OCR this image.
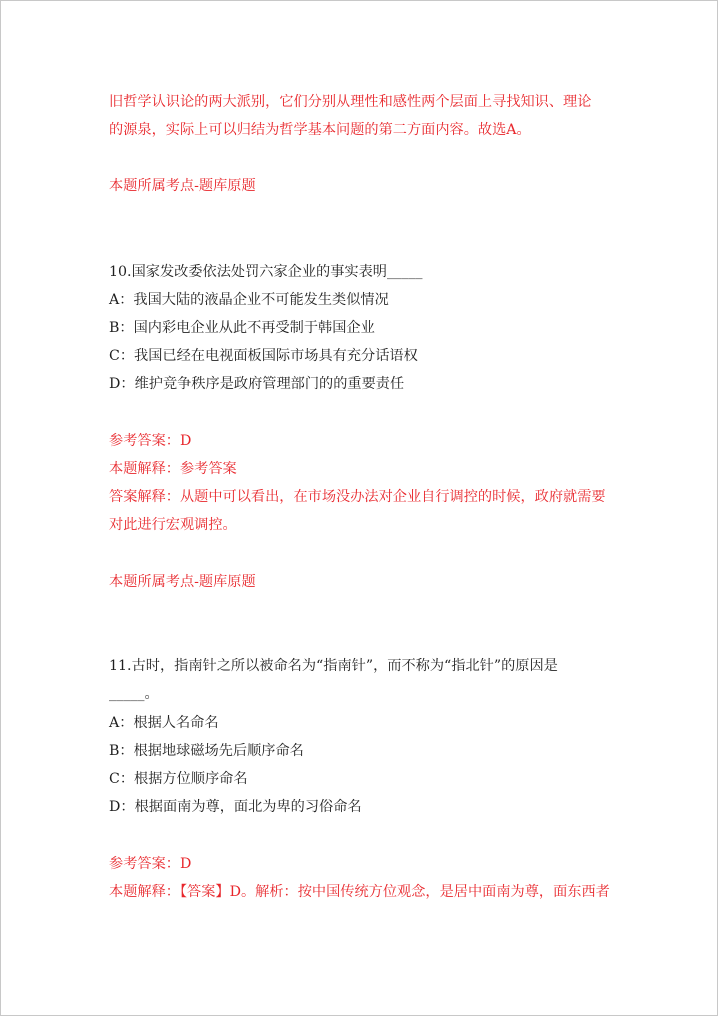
旧哲学认识论的两大派别，它们分别从理性和感性两个层面上寻找知识、理论
的源泉，实际上可以归结为哲学基本问题的第二方面内容。故选A。
本题所属考点-题库原题
10.国家发改委依法处罚六家企业的事实表明_____
A：我国大陆的液晶企业不可能发生类似情况
B：国内彩电企业从此不再受制于韩国企业
C：我国已经在电视面板国际市场具有充分话语权
D：维护竞争秩序是政府管理部门的的重要责任
参考答案：D
本题解释：参考答案
答案解释：从题中可以看出，在市场没办法对企业自行调控的时候，政府就需要
对此进行宏观调控。
本题所属考点-题库原题
11.古时，指南针之所以被命名为“指南针”，而不称为“指北针”的原因是
_____。
A：根据人名命名
B：根据地球磁场先后顺序命名
C：根据方位顺序命名
D：根据面南为尊，面北为卑的习俗命名
参考答案：D
本题解释：【答案】D。解析：按中国传统方位观念，是居中面南为尊，面东西者
